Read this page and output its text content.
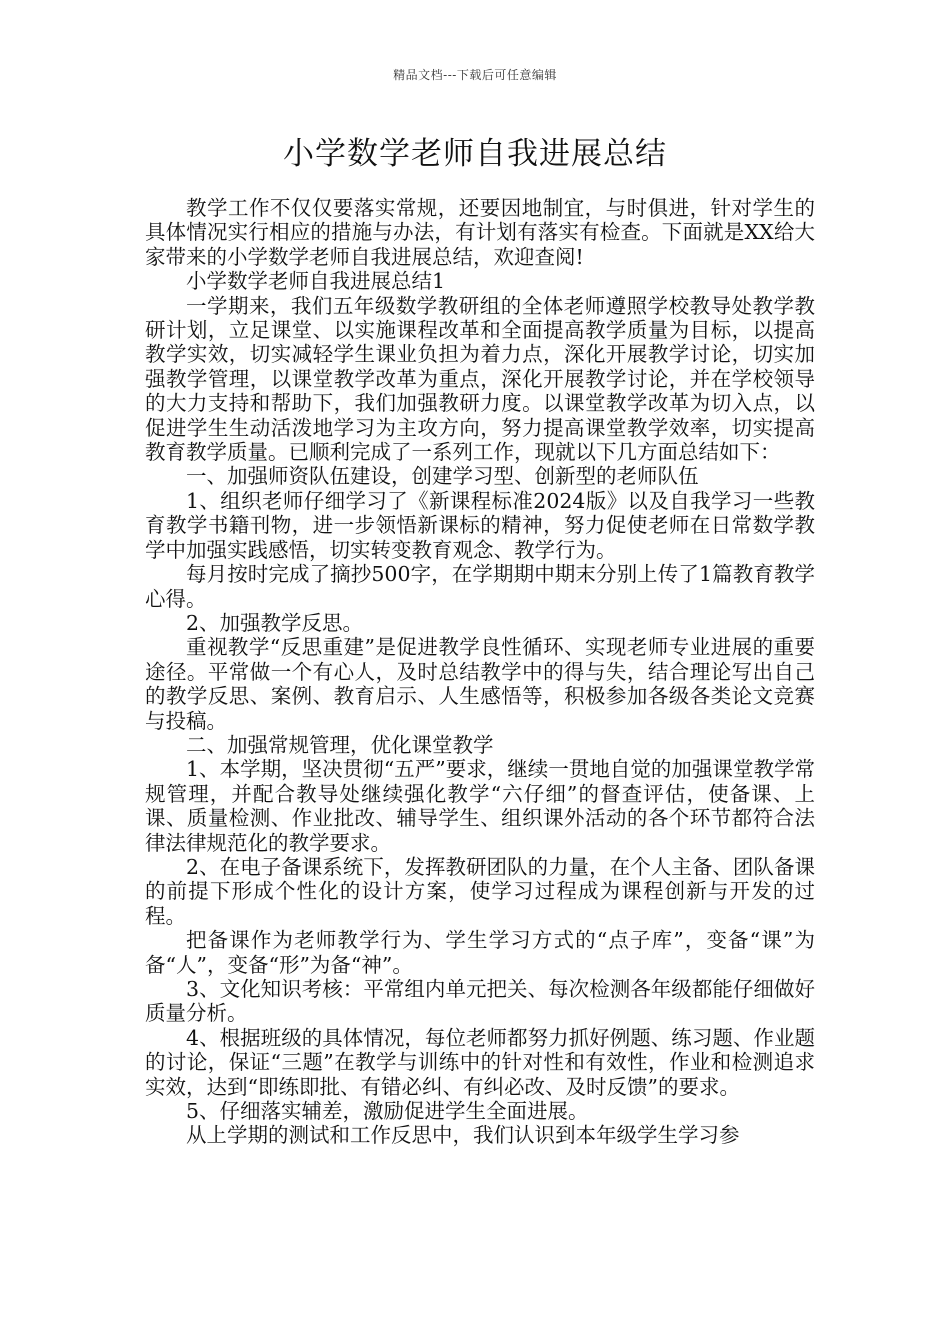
精品文档---下载后可任意编辑
小学数学老师自我进展总结

教学工作不仅仅要落实常规，还要因地制宜，与时俱进，针对学生的具体情况实行相应的措施与办法，有计划有落实有检查。下面就是XX给大家带来的小学数学老师自我进展总结，欢迎查阅!

小学数学老师自我进展总结1

一学期来，我们五年级数学教研组的全体老师遵照学校教导处教学教研计划，立足课堂、以实施课程改革和全面提高教学质量为目标，以提高教学实效，切实减轻学生课业负担为着力点，深化开展教学讨论，切实加强教学管理，以课堂教学改革为重点，深化开展教学讨论，并在学校领导的大力支持和帮助下，我们加强教研力度。以课堂教学改革为切入点，以促进学生生动活泼地学习为主攻方向，努力提高课堂教学效率，切实提高教育教学质量。已顺利完成了一系列工作，现就以下几方面总结如下：

一、加强师资队伍建设，创建学习型、创新型的老师队伍

1、组织老师仔细学习了《新课程标准2024版》以及自我学习一些教育教学书籍刊物，进一步领悟新课标的精神，努力促使老师在日常数学教学中加强实践感悟，切实转变教育观念、教学行为。

每月按时完成了摘抄500字，在学期期中期末分别上传了1篇教育教学心得。

2、加强教学反思。

重视教学“反思重建”是促进教学良性循环、实现老师专业进展的重要途径。平常做一个有心人，及时总结教学中的得与失，结合理论写出自己的教学反思、案例、教育启示、人生感悟等，积极参加各级各类论文竞赛与投稿。

二、加强常规管理，优化课堂教学

1、本学期，坚决贯彻“五严”要求，继续一贯地自觉的加强课堂教学常规管理，并配合教导处继续强化教学“六仔细”的督查评估，使备课、上课、质量检测、作业批改、辅导学生、组织课外活动的各个环节都符合法律法律规范化的教学要求。

2、在电子备课系统下，发挥教研团队的力量，在个人主备、团队备课的前提下形成个性化的设计方案，使学习过程成为课程创新与开发的过程。

把备课作为老师教学行为、学生学习方式的“点子库”，变备“课”为备“人”，变备“形”为备“神”。

3、文化知识考核：平常组内单元把关、每次检测各年级都能仔细做好质量分析。

4、根据班级的具体情况，每位老师都努力抓好例题、练习题、作业题的讨论，保证“三题”在教学与训练中的针对性和有效性，作业和检测追求实效，达到“即练即批、有错必纠、有纠必改、及时反馈”的要求。

5、仔细落实辅差，激励促进学生全面进展。

从上学期的测试和工作反思中，我们认识到本年级学生学习参
